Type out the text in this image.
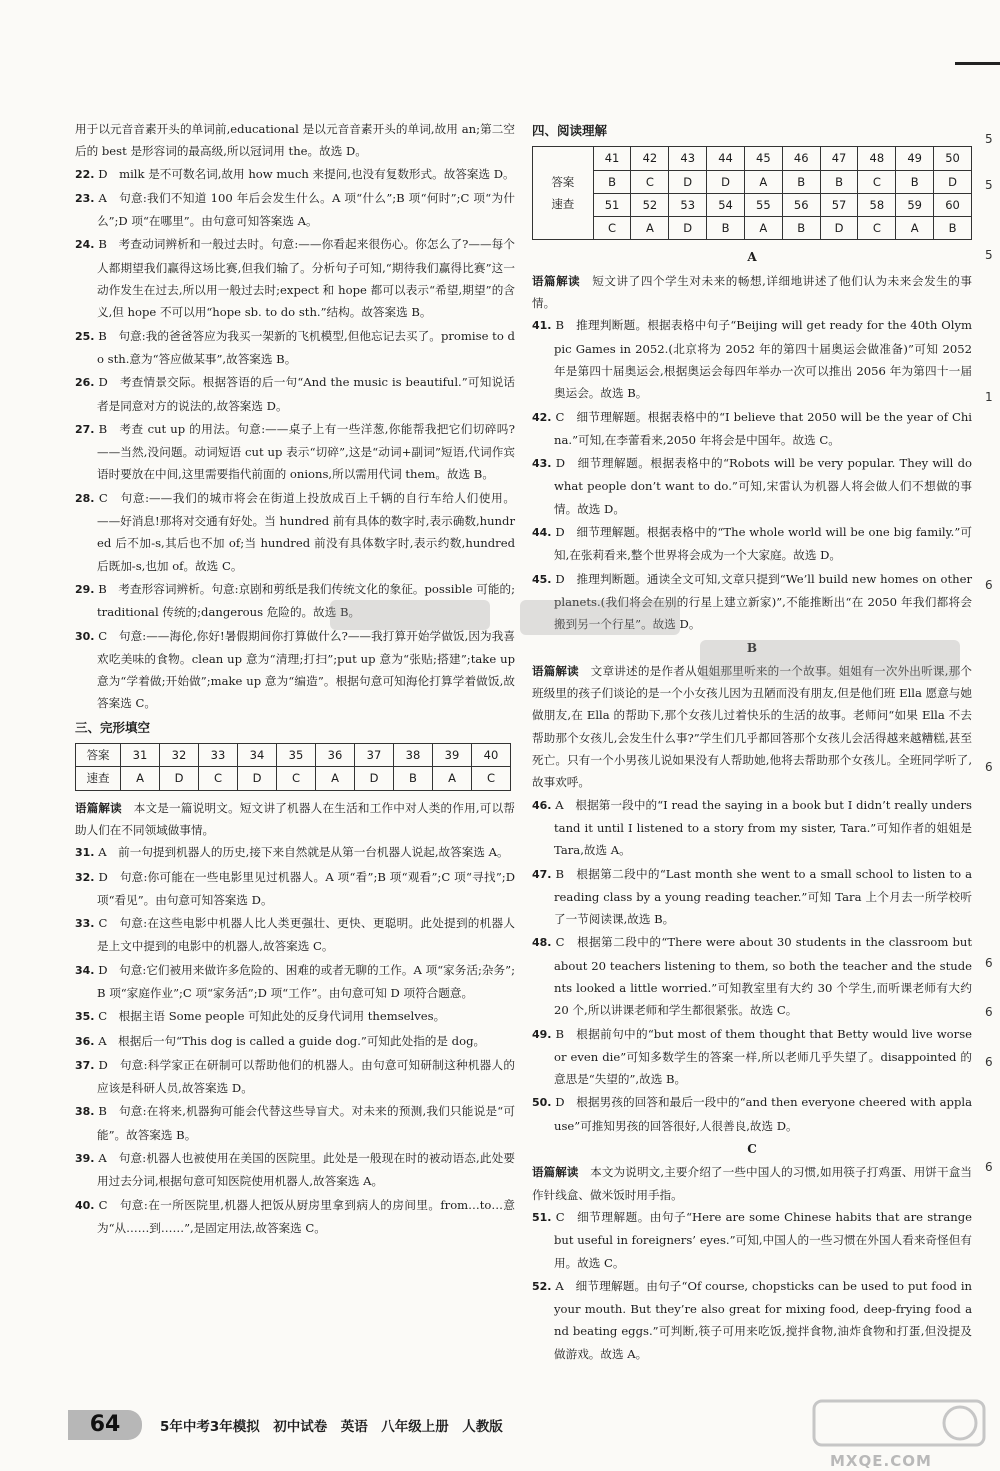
用于以元音音素开头的单词前,educational 是以元音音素开头的单词,故用 an;第二空后的 best 是形容词的最高级,所以冠词用 the。故选 D。

22. D　milk 是不可数名词,故用 how much 来提问,也没有复数形式。故答案选 D。

23. A　句意:我们不知道 100 年后会发生什么。A 项“什么”;B 项“何时”;C 项“为什么”;D 项“在哪里”。由句意可知答案选 A。

24. B　考查动词辨析和一般过去时。句意:——你看起来很伤心。你怎么了?——每个人都期望我们赢得这场比赛,但我们输了。分析句子可知,“期待我们赢得比赛”这一动作发生在过去,所以用一般过去时;expect 和 hope 都可以表示“希望,期望”的含义,但 hope 不可以用“hope sb. to do sth.”结构。故答案选 B。

25. B　句意:我的爸爸答应为我买一架新的飞机模型,但他忘记去买了。promise to do sth.意为“答应做某事”,故答案选 B。

26. D　考查情景交际。根据答语的后一句“And the music is beautiful.”可知说话者是同意对方的说法的,故答案选 D。

27. B　考查 cut up 的用法。句意:——桌子上有一些洋葱,你能帮我把它们切碎吗?——当然,没问题。动词短语 cut up 表示“切碎”,这是“动词+副词”短语,代词作宾语时要放在中间,这里需要指代前面的 onions,所以需用代词 them。故选 B。

28. C　句意:——我们的城市将会在街道上投放成百上千辆的自行车给人们使用。——好消息!那将对交通有好处。当 hundred 前有具体的数字时,表示确数,hundred 后不加-s,其后也不加 of;当 hundred 前没有具体数字时,表示约数,hundred 后既加-s,也加 of。故选 C。

29. B　考查形容词辨析。句意:京剧和剪纸是我们传统文化的象征。possible 可能的;traditional 传统的;dangerous 危险的。故选 B。

30. C　句意:——海伦,你好!暑假期间你打算做什么?——我打算开始学做饭,因为我喜欢吃美味的食物。clean up 意为“清理;打扫”;put up 意为“张贴;搭建”;take up 意为“学着做;开始做”;make up 意为“编造”。根据句意可知海伦打算学着做饭,故答案选 C。

三、完形填空
答案	31	32	33	34	35	36	37	38	39	40
速查	A	D	C	D	C	A	D	B	A	C

语篇解读　 本文是一篇说明文。短文讲了机器人在生活和工作中对人类的作用,可以帮助人们在不同领域做事情。

31. A　前一句提到机器人的历史,接下来自然就是从第一台机器人说起,故答案选 A。

32. D　句意:你可能在一些电影里见过机器人。A 项“看”;B 项“观看”;C 项“寻找”;D 项“看见”。由句意可知答案选 D。

33. C　句意:在这些电影中机器人比人类更强壮、更快、更聪明。此处提到的机器人是上文中提到的电影中的机器人,故答案选 C。

34. D　句意:它们被用来做许多危险的、困难的或者无聊的工作。A 项“家务活;杂务”;B 项“家庭作业”;C 项“家务活”;D 项“工作”。由句意可知 D 项符合题意。

35. C　根据主语 Some people 可知此处的反身代词用 themselves。

36. A　根据后一句“This dog is called a guide dog.”可知此处指的是 dog。

37. D　句意:科学家正在研制可以帮助他们的机器人。由句意可知研制这种机器人的应该是科研人员,故答案选 D。

38. B　句意:在将来,机器狗可能会代替这些导盲犬。对未来的预测,我们只能说是“可能”。故答案选 B。

39. A　句意:机器人也被使用在美国的医院里。此处是一般现在时的被动语态,此处要用过去分词,根据句意可知医院使用机器人,故答案选 A。

40. C　句意:在一所医院里,机器人把饭从厨房里拿到病人的房间里。from…to…意为“从……到……”,是固定用法,故答案选 C。

四、阅读理解
答案
速查	41	42	43	44	45	46	47	48	49	50
	B	C	D	D	A	B	B	C	B	D
	51	52	53	54	55	56	57	58	59	60
	C	A	D	B	A	B	D	C	A	B
A

语篇解读　 短文讲了四个学生对未来的畅想,详细地讲述了他们认为未来会发生的事情。

41. B　推理判断题。根据表格中句子“Beijing will get ready for the 40th Olympic Games in 2052.(北京将为 2052 年的第四十届奥运会做准备)”可知 2052 年是第四十届奥运会,根据奥运会每四年举办一次可以推出 2056 年为第四十一届奥运会。故选 B。

42. C　细节理解题。根据表格中的“I believe that 2050 will be the year of China.”可知,在李蕾看来,2050 年将会是中国年。故选 C。

43. D　细节理解题。根据表格中的“Robots will be very popular. They will do what people don’t want to do.”可知,宋雷认为机器人将会做人们不想做的事情。故选 D。

44. D　细节理解题。根据表格中的“The whole world will be one big family.”可知,在张莉看来,整个世界将会成为一个大家庭。故选 D。

45. D　推理判断题。通读全文可知,文章只提到“We’ll build new homes on other planets.(我们将会在别的行星上建立新家)”,不能推断出“在 2050 年我们都将会搬到另一个行星”。故选 D。

B

语篇解读　 文章讲述的是作者从姐姐那里听来的一个故事。姐姐有一次外出听课,那个班级里的孩子们谈论的是一个小女孩儿因为丑陋而没有朋友,但是他们班 Ella 愿意与她做朋友,在 Ella 的帮助下,那个女孩儿过着快乐的生活的故事。老师问“如果 Ella 不去帮助那个女孩儿,会发生什么事?”学生们几乎都回答那个女孩儿会活得越来越糟糕,甚至死亡。只有一个小男孩儿说如果没有人帮助她,他将去帮助那个女孩儿。全班同学听了,故事欢呼。

46. A　根据第一段中的“I read the saying in a book but I didn’t really understand it until I listened to a story from my sister, Tara.”可知作者的姐姐是 Tara,故选 A。

47. B　根据第二段中的“Last month she went to a small school to listen to a reading class by a young reading teacher.”可知 Tara 上个月去一所学校听了一节阅读课,故选 B。

48. C　根据第二段中的“There were about 30 students in the classroom but about 20 teachers listening to them, so both the teacher and the students looked a little worried.”可知教室里有大约 30 个学生,而听课老师有大约 20 个,所以讲课老师和学生都很紧张。故选 C。

49. B　根据前句中的“but most of them thought that Betty would live worse or even die”可知多数学生的答案一样,所以老师几乎失望了。disappointed 的意思是“失望的”,故选 B。

50. D　根据男孩的回答和最后一段中的“and then everyone cheered with applause”可推知男孩的回答很好,人很善良,故选 D。

C

语篇解读　 本文为说明文,主要介绍了一些中国人的习惯,如用筷子打鸡蛋、用饼干盒当作针线盒、做米饭时用手指。

51. C　细节理解题。由句子“Here are some Chinese habits that are strange but useful in foreigners’ eyes.”可知,中国人的一些习惯在外国人看来奇怪但有用。故选 C。

52. A　细节理解题。由句子“Of course, chopsticks can be used to put food in your mouth. But they’re also great for mixing food, deep-frying food and beating eggs.”可判断,筷子可用来吃饭,搅拌食物,油炸食物和打蛋,但没提及做游戏。故选 A。

5
5
5
1
6
6
6
6
6
6
64	5年中考3年模拟　初中试卷　英语　八年级上册　人教版
MXQE.COM
